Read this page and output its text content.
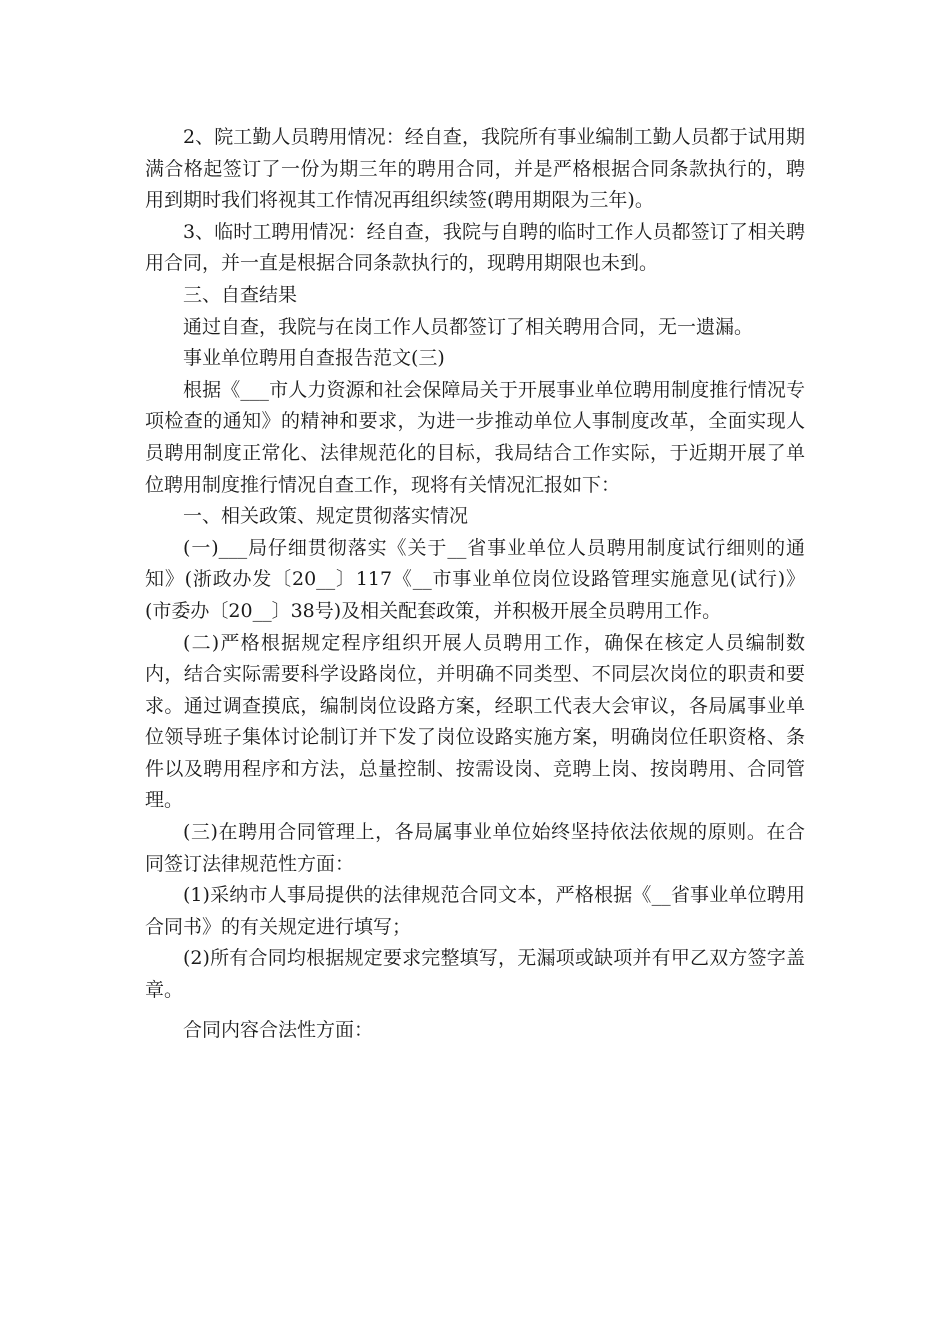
2、院工勤人员聘用情况：经自查，我院所有事业编制工勤人员都于试用期满合格起签订了一份为期三年的聘用合同，并是严格根据合同条款执行的，聘用到期时我们将视其工作情况再组织续签(聘用期限为三年)。

3、临时工聘用情况：经自查，我院与自聘的临时工作人员都签订了相关聘用合同，并一直是根据合同条款执行的，现聘用期限也未到。

三、自查结果

通过自查，我院与在岗工作人员都签订了相关聘用合同，无一遗漏。

事业单位聘用自查报告范文(三)

根据《___市人力资源和社会保障局关于开展事业单位聘用制度推行情况专项检查的通知》的精神和要求，为进一步推动单位人事制度改革，全面实现人员聘用制度正常化、法律规范化的目标，我局结合工作实际，于近期开展了单位聘用制度推行情况自查工作，现将有关情况汇报如下：

一、相关政策、规定贯彻落实情况

(一)___局仔细贯彻落实《关于__省事业单位人员聘用制度试行细则的通知》(浙政办发〔20__〕117《__市事业单位岗位设路管理实施意见(试行)》(市委办〔20__〕38号)及相关配套政策，并积极开展全员聘用工作。

(二)严格根据规定程序组织开展人员聘用工作，确保在核定人员编制数内，结合实际需要科学设路岗位，并明确不同类型、不同层次岗位的职责和要求。通过调查摸底，编制岗位设路方案，经职工代表大会审议，各局属事业单位领导班子集体讨论制订并下发了岗位设路实施方案，明确岗位任职资格、条件以及聘用程序和方法，总量控制、按需设岗、竞聘上岗、按岗聘用、合同管理。

(三)在聘用合同管理上，各局属事业单位始终坚持依法依规的原则。在合同签订法律规范性方面：

(1)采纳市人事局提供的法律规范合同文本，严格根据《__省事业单位聘用合同书》的有关规定进行填写；

(2)所有合同均根据规定要求完整填写，无漏项或缺项并有甲乙双方签字盖章。

合同内容合法性方面：
